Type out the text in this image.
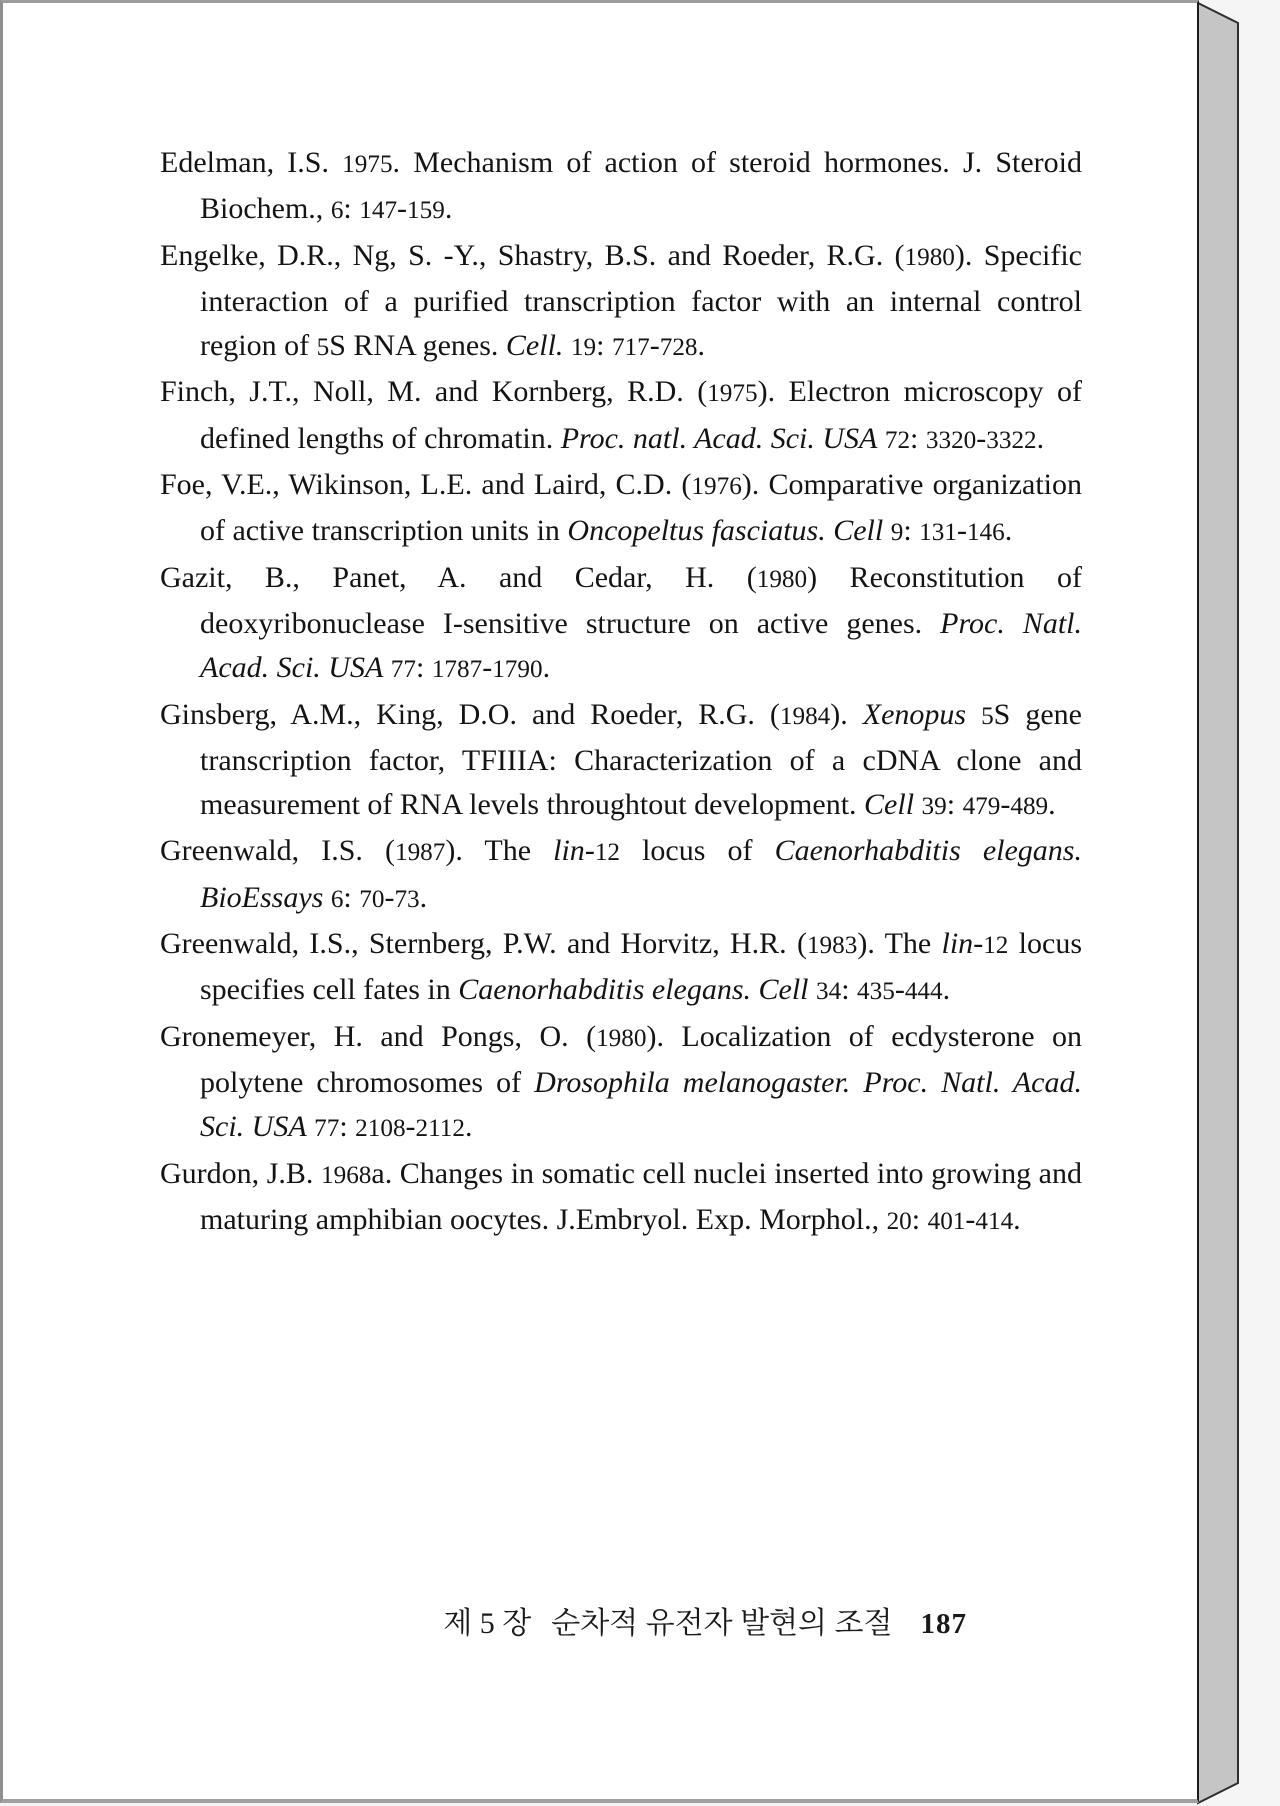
Edelman, I.S. 1975. Mechanism of action of steroid hormones. J. Steroid Biochem., 6: 147-159.

Engelke, D.R., Ng, S. -Y., Shastry, B.S. and Roeder, R.G. (1980). Specific interaction of a purified transcription factor with an internal control region of 5S RNA genes. Cell. 19: 717-728.

Finch, J.T., Noll, M. and Kornberg, R.D. (1975). Electron microscopy of defined lengths of chromatin. Proc. natl. Acad. Sci. USA 72: 3320-3322.

Foe, V.E., Wikinson, L.E. and Laird, C.D. (1976). Comparative organization of active transcription units in Oncopeltus fasciatus. Cell 9: 131-146.

Gazit, B., Panet, A. and Cedar, H. (1980) Reconstitution of deoxyribonuclease I-sensitive structure on active genes. Proc. Natl. Acad. Sci. USA 77: 1787-1790.

Ginsberg, A.M., King, D.O. and Roeder, R.G. (1984). Xenopus 5S gene transcription factor, TFIIIA: Characterization of a cDNA clone and measurement of RNA levels throughtout development. Cell 39: 479-489.

Greenwald, I.S. (1987). The lin-12 locus of Caenorhabditis elegans. BioEssays 6: 70-73.

Greenwald, I.S., Sternberg, P.W. and Horvitz, H.R. (1983). The lin-12 locus specifies cell fates in Caenorhabditis elegans. Cell 34: 435-444.

Gronemeyer, H. and Pongs, O. (1980). Localization of ecdysterone on polytene chromosomes of Drosophila melanogaster. Proc. Natl. Acad. Sci. USA 77: 2108-2112.

Gurdon, J.B. 1968a. Changes in somatic cell nuclei inserted into growing and maturing amphibian oocytes. J.Embryol. Exp. Morphol., 20: 401-414.

제 5 장 순차적 유전자 발현의 조절 187
